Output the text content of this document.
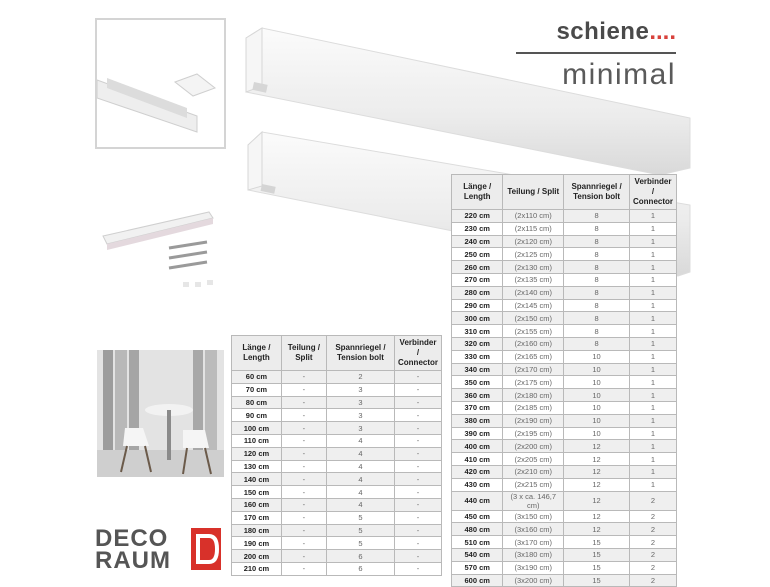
schiene....
minimal
Länge / Length	Teilung / Split	Spannriegel / Tension bolt	Verbinder / Connector
60 cm	-	2	-
70 cm	-	3	-
80 cm	-	3	-
90 cm	-	3	-
100 cm	-	3	-
110 cm	-	4	-
120 cm	-	4	-
130 cm	-	4	-
140 cm	-	4	-
150 cm	-	4	-
160 cm	-	4	-
170 cm	-	5	-
180 cm	-	5	-
190 cm	-	5	-
200 cm	-	6	-
210 cm	-	6	-
Länge / Length	Teilung / Split	Spannriegel / Tension bolt	Verbinder / Connector
220 cm	(2x110 cm)	8	1
230 cm	(2x115 cm)	8	1
240 cm	(2x120 cm)	8	1
250 cm	(2x125 cm)	8	1
260 cm	(2x130 cm)	8	1
270 cm	(2x135 cm)	8	1
280 cm	(2x140 cm)	8	1
290 cm	(2x145 cm)	8	1
300 cm	(2x150 cm)	8	1
310 cm	(2x155 cm)	8	1
320 cm	(2x160 cm)	8	1
330 cm	(2x165 cm)	10	1
340 cm	(2x170 cm)	10	1
350 cm	(2x175 cm)	10	1
360 cm	(2x180 cm)	10	1
370 cm	(2x185 cm)	10	1
380 cm	(2x190 cm)	10	1
390 cm	(2x195 cm)	10	1
400 cm	(2x200 cm)	12	1
410 cm	(2x205 cm)	12	1
420 cm	(2x210 cm)	12	1
430 cm	(2x215 cm)	12	1
440 cm	(3 x ca. 146,7 cm)	12	2
450 cm	(3x150 cm)	12	2
480 cm	(3x160 cm)	12	2
510 cm	(3x170 cm)	15	2
540 cm	(3x180 cm)	15	2
570 cm	(3x190 cm)	15	2
600 cm	(3x200 cm)	15	2
DECO
RAUM
